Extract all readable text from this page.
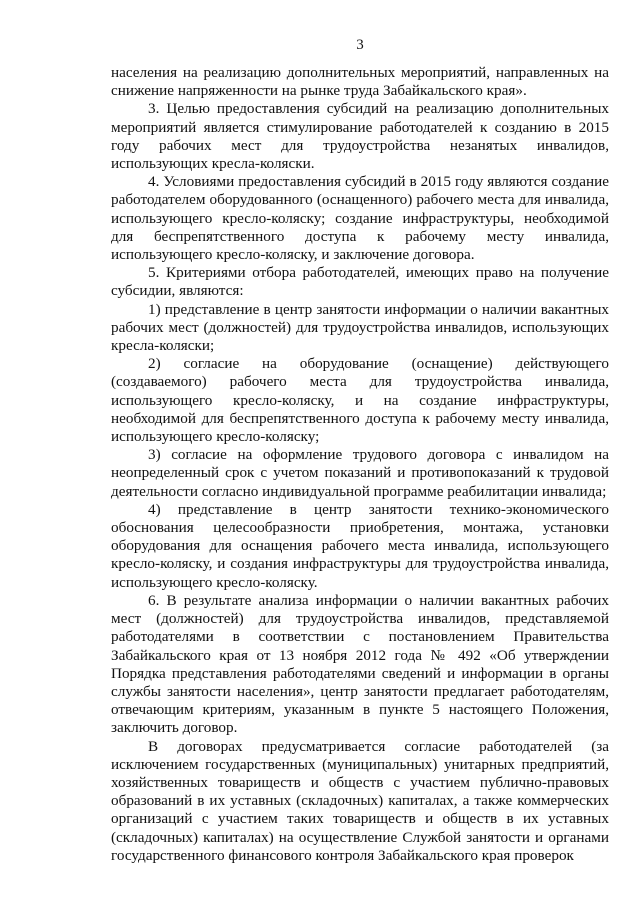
3

населения на реализацию дополнительных мероприятий, направленных на снижение напряженности на рынке труда Забайкальского края».

3. Целью предоставления субсидий на реализацию дополнительных мероприятий является стимулирование работодателей к созданию в 2015 году рабочих мест для трудоустройства незанятых инвалидов, использующих кресла-коляски.

4. Условиями предоставления субсидий в 2015 году являются создание работодателем оборудованного (оснащенного) рабочего места для инвалида, использующего кресло-коляску; создание инфраструктуры, необходимой для беспрепятственного доступа к рабочему месту инвалида, использующего кресло-коляску, и заключение договора.

5. Критериями отбора работодателей, имеющих право на получение субсидии, являются:

1) представление в центр занятости информации о наличии вакантных рабочих мест (должностей) для трудоустройства инвалидов, использующих кресла-коляски;

2) согласие на оборудование (оснащение) действующего (создаваемого) рабочего места для трудоустройства инвалида, использующего кресло-коляску, и на создание инфраструктуры, необходимой для беспрепятственного доступа к рабочему месту инвалида, использующего кресло-коляску;

3) согласие на оформление трудового договора с инвалидом на неопределенный срок с учетом показаний и противопоказаний к трудовой деятельности согласно индивидуальной программе реабилитации инвалида;

4) представление в центр занятости технико-экономического обоснования целесообразности приобретения, монтажа, установки оборудования для оснащения рабочего места инвалида, использующего кресло-коляску, и создания инфраструктуры для трудоустройства инвалида, использующего кресло-коляску.

6. В результате анализа информации о наличии вакантных рабочих мест (должностей) для трудоустройства инвалидов, представляемой работодателями в соответствии с постановлением Правительства Забайкальского края от 13 ноября 2012 года № 492 «Об утверждении Порядка представления работодателями сведений и информации в органы службы занятости населения», центр занятости предлагает работодателям, отвечающим критериям, указанным в пункте 5 настоящего Положения, заключить договор.

В договорах предусматривается согласие работодателей (за исключением государственных (муниципальных) унитарных предприятий, хозяйственных товариществ и обществ с участием публично-правовых образований в их уставных (складочных) капиталах, а также коммерческих организаций с участием таких товариществ и обществ в их уставных (складочных) капиталах) на осуществление Службой занятости и органами государственного финансового контроля Забайкальского края проверок
